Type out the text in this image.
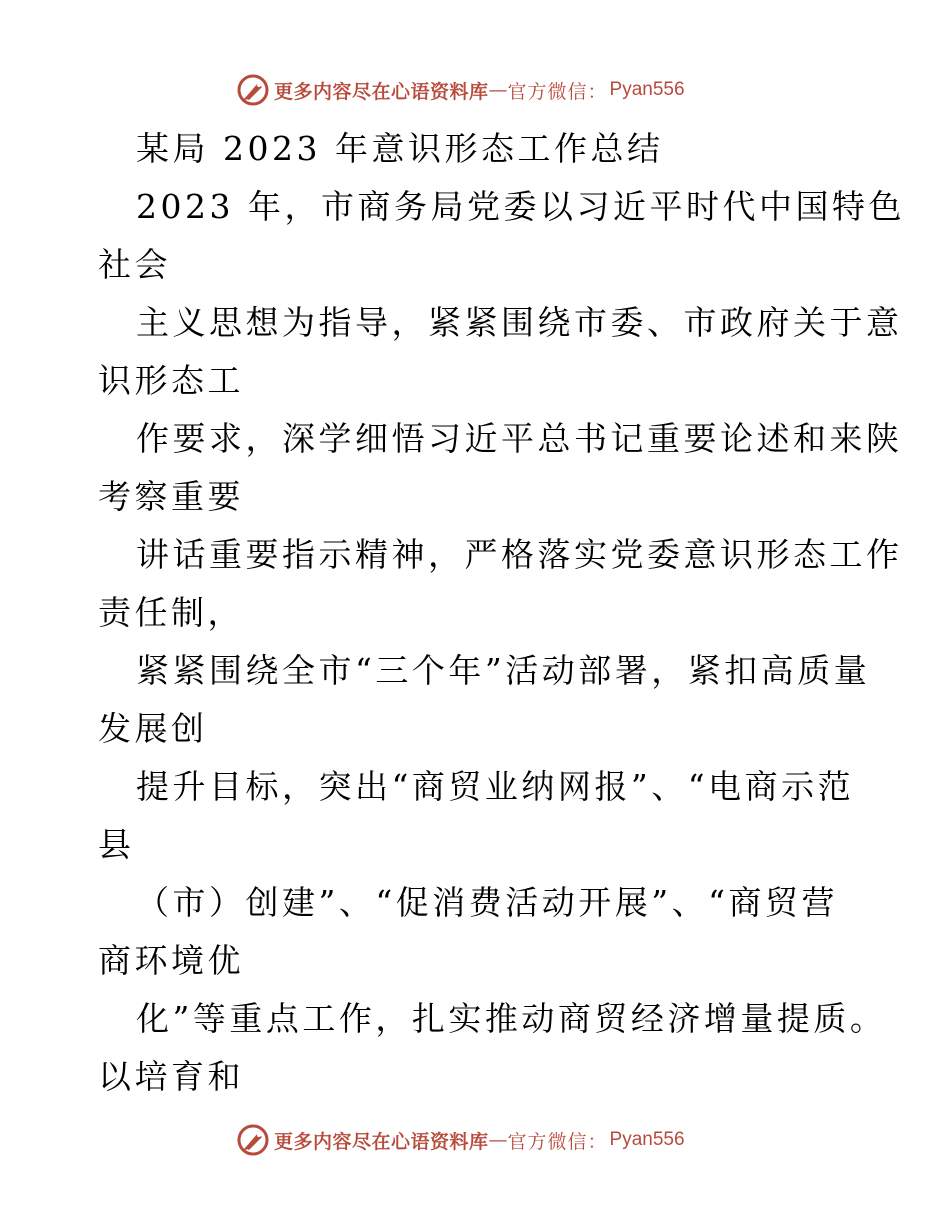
更多内容尽在心语资料库 — 官方微信： Pyan556
某局 2023 年意识形态工作总结
2023 年，市商务局党委以习近平时代中国特色
社会
主义思想为指导，紧紧围绕市委、市政府关于意
识形态工
作要求，深学细悟习近平总书记重要论述和来陕
考察重要
讲话重要指示精神，严格落实党委意识形态工作
责任制，
紧紧围绕全市“三个年”活动部署，紧扣高质量
发展创
提升目标，突出“商贸业纳网报”、“电商示范
县
（市）创建”、“促消费活动开展”、“商贸营
商环境优
化”等重点工作，扎实推动商贸经济增量提质。
以培育和
更多内容尽在心语资料库 — 官方微信： Pyan556
